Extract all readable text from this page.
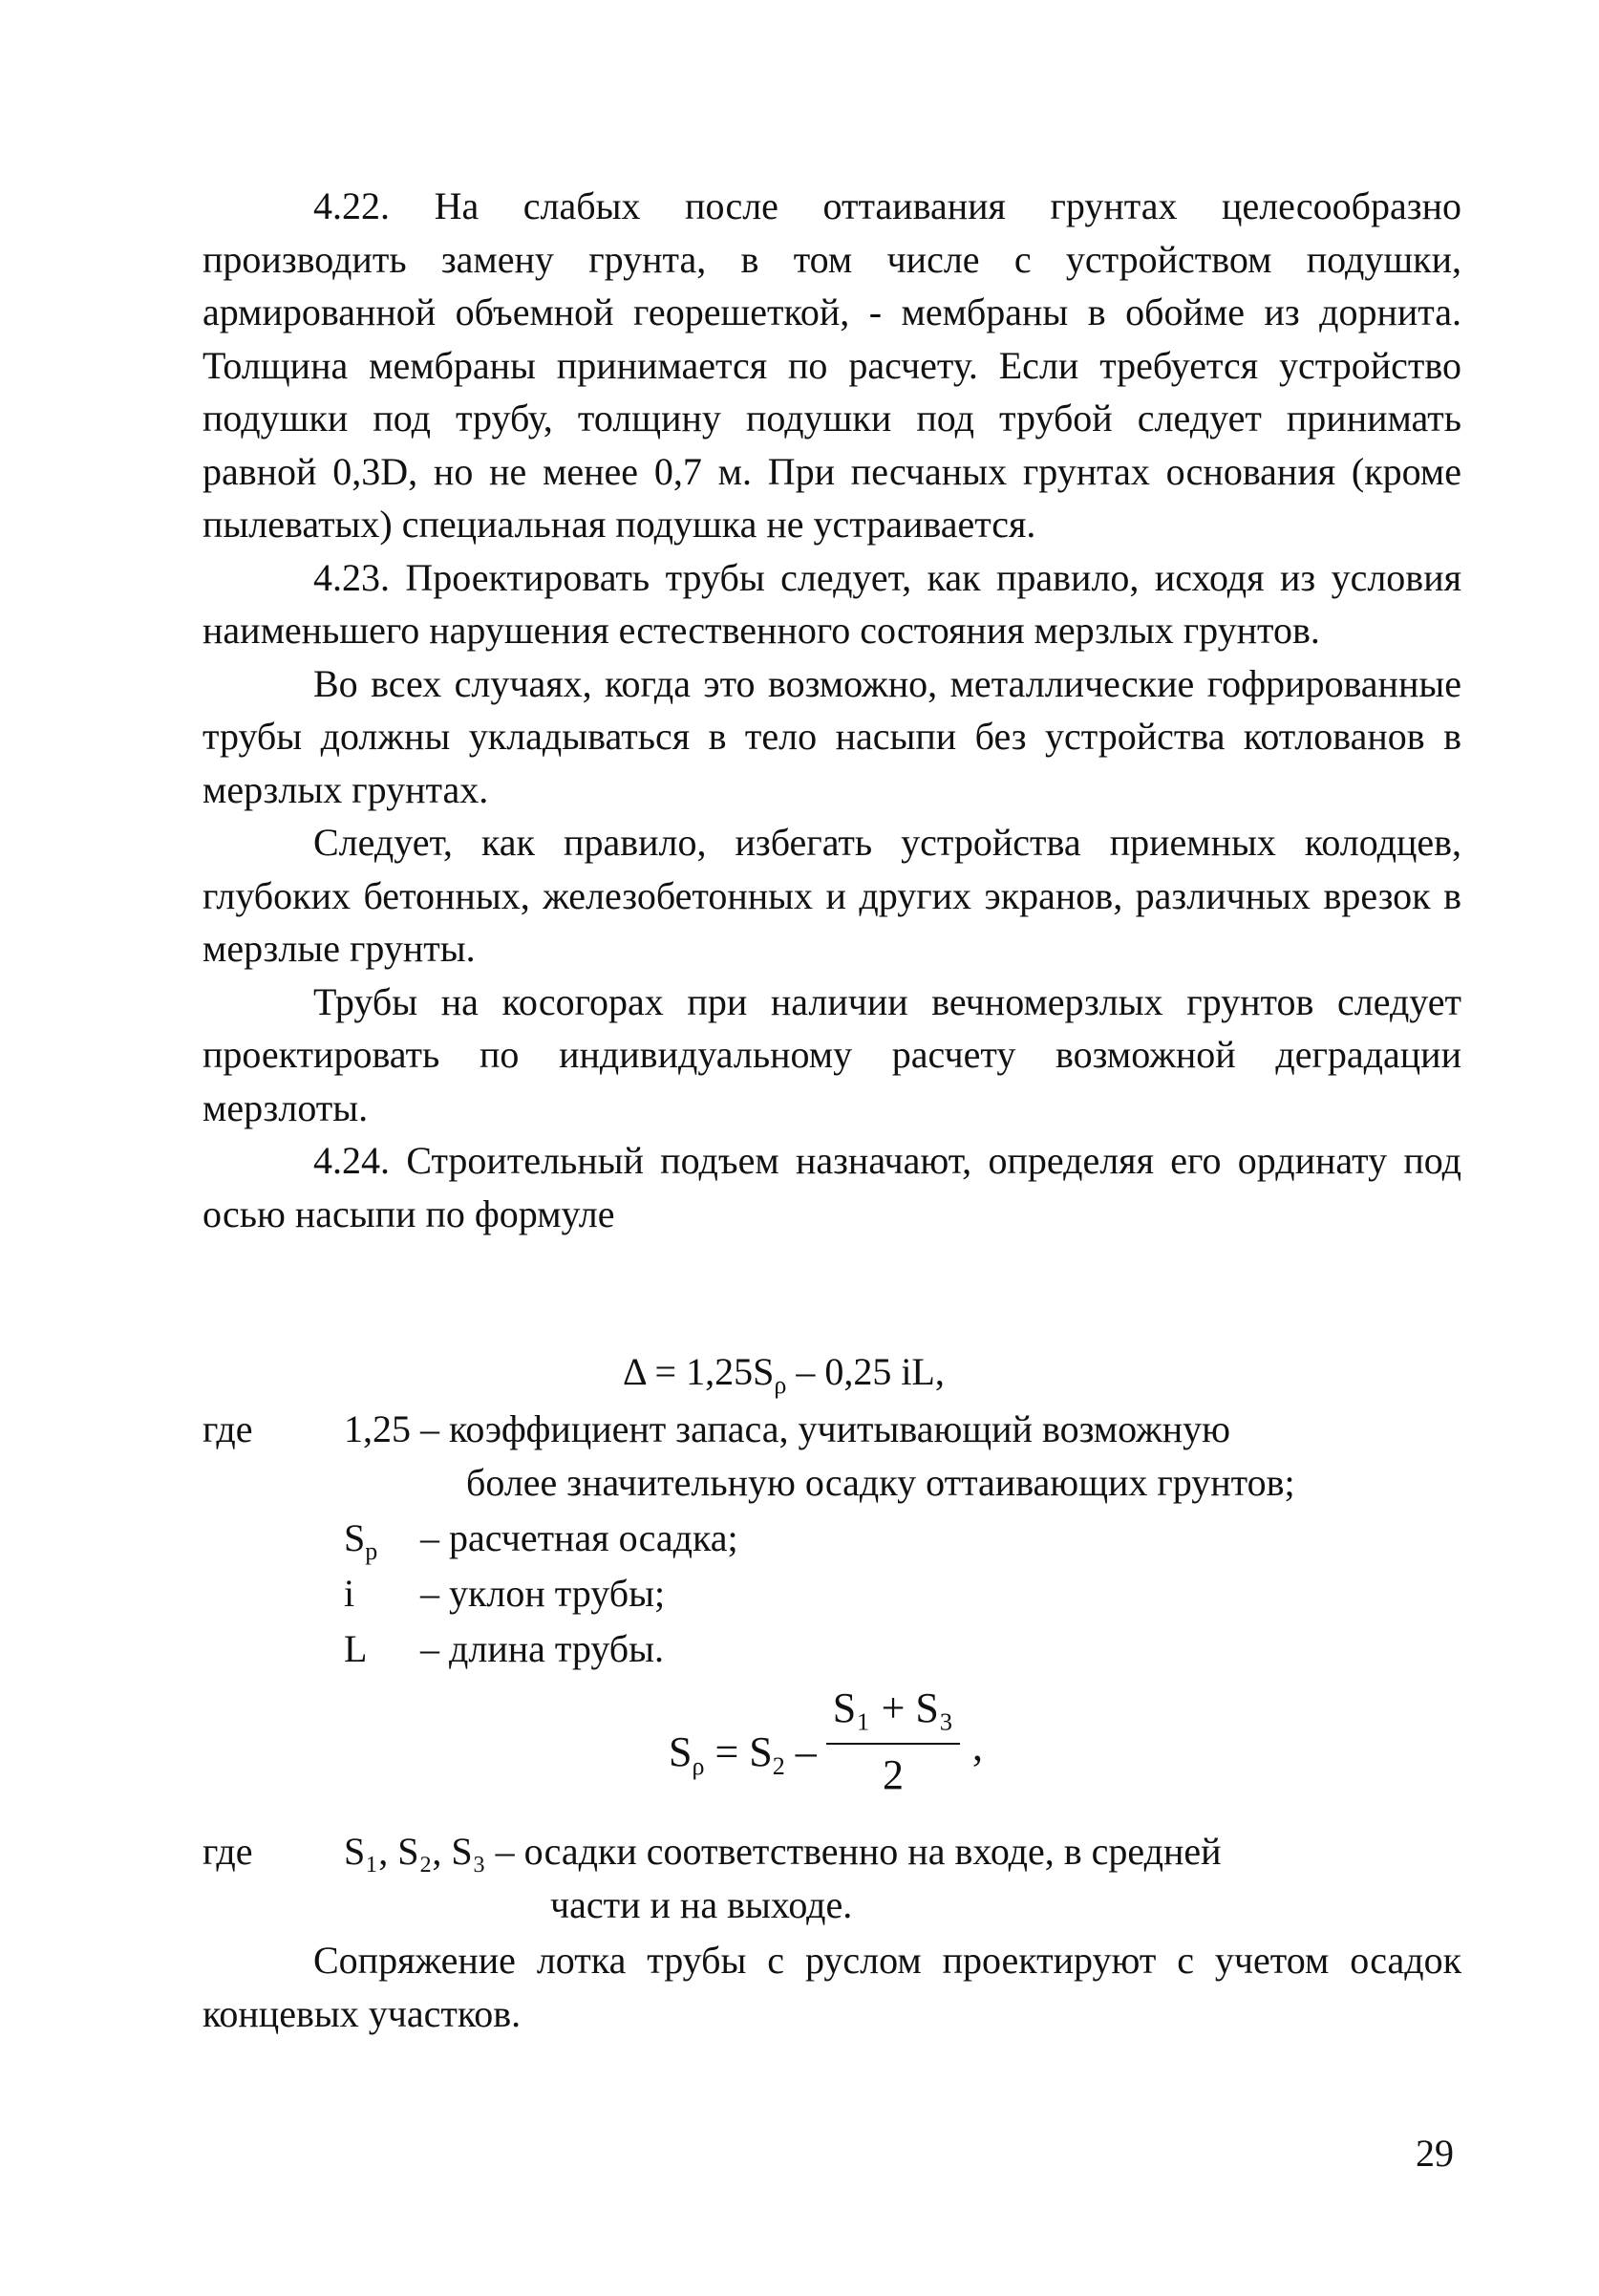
4.22. На слабых после оттаивания грунтах целесообразно производить замену грунта, в том числе с устройством подушки, армированной объемной георешеткой, - мембраны в обойме из дорнита. Толщина мембраны принимается по расчету. Если требуется устройство подушки под трубу, толщину подушки под трубой следует принимать равной 0,3D, но не менее 0,7 м. При песчаных грунтах основания (кроме пылеватых) специальная подушка не устраивается.

4.23. Проектировать трубы следует, как правило, исходя из условия наименьшего нарушения естественного состояния мерзлых грунтов.

Во всех случаях, когда это возможно, металлические гофрированные трубы должны укладываться в тело насыпи без устройства котлованов в мерзлых грунтах.

Следует, как правило, избегать устройства приемных колодцев, глубоких бетонных, железобетонных и других экранов, различных врезок в мерзлые грунты.

Трубы на косогорах при наличии вечномерзлых грунтов следует проектировать по индивидуальному расчету возможной деградации мерзлоты.

4.24. Строительный подъем назначают, определяя его ординату под осью насыпи по формуле

$\Delta = 1,25S_\rho - 0,25$ iL,
где 1,25 – коэффициент запаса, учитывающий возможную
более значительную осадку оттаивающих грунтов;
$S_р$ – расчетная осадка;
i – уклон трубы;
L – длина трубы.
$S_\rho = S_2$ –
S₁ + S₃
2
,
где S₁, S₂, S₃ – осадки соответственно на входе, в средней
части и на выходе.

Сопряжение лотка трубы с руслом проектируют с учетом осадок концевых участков.

29
